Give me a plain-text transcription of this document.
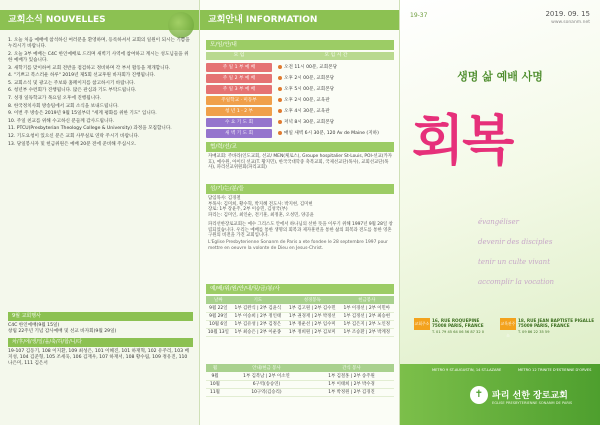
교회소식 NOUVELLES

1. 오늘 처음 예배에 참석하신 여러분을 환영하며, 등록하셔서 교회의 일원이 되시는 기쁨을 누리시기 바랍니다.

2. 오늘 3부 예배는 C4C 한인예배로 드리며 새벽기 사역에 참여하고 계시는 성도님들을 위한 예배가 있습니다.

3. 새학기를 맞이하여 교회 전반을 점검하고 정비하며 각 부서 활동을 재개합니다.

4. "기쁘고 복스러운 하루" 2019년 제5회 선교후원 바자회가 진행됩니다.

5. 교회소식 및 광고는 주보와 홈페이지를 참고하시기 바랍니다.

6. 청년부 수련회가 진행됩니다. 많은 관심과 기도 부탁드립니다.

7. 성경 일독학교가 목요일 오후에 진행됩니다.

8. 한국정치사회 방송팀에서 교회 소식을 보내드립니다.

9. 이번 주 방송은 2019년 9월 15일부터 "세계 평화를 위한 기도" 입니다.

10. 주일 친교를 위해 수고하신 분들께 감사드립니다.

11. PTCU(Presbyterian Theology College & University) 과정을 모집합니다.

12. 기도요청이 있으신 분은 교회 사무실로 연락 주시기 바랍니다.

13. 당일봉사자 및 헌금위원은 예배 20분 전에 준비해 주십시오.

9월 교회행사
C4C 한인예배(9월 15일)
창립 22주년 기념 감사예배 및 선교 바자회(9월 29일)
차/후/에/생/일/을/축/하/합/니/다
19-107 김동기, 108 이지환, 109 최성은, 101 이혜진, 101 하재혁, 102 유주리, 103 배지성, 104 김준형, 105 조세욱, 106 김재우, 107 하재서, 108 황수림, 109 정유진, 110 나은미, 111 김은서
교회안내 INFORMATION
모/임/안/내
모 임	모 임 시 간
주 일 1 부 예 배	오전 11시 00분, 교회본당
주 일 2 부 예 배	오후 2시 00분, 교회본당
주 일 3 부 예 배	오후 5시 00분, 교회본당
주일학교 · 미동부	오후 2시 00분, 교육관
청 년 1 · 2 부	오후 4시 30분, 교육관
수 요 기 도 회	저녁 8시 30분, 교회본당
새 벽 기 도 회	매일 새벽 6시 30분, 120 Av de Maine (지하)
협/력/선/교
자매교회: 주바라(인도교회, 선교/ MEN(체로스), Groupe hospitalier St-Louis, POI-선교(카자흐), 예수원, 아이티 선교(T. 황지민), 한국국대학중 축복교회, 국제선교단(목사), 교회선교단(목사), 파리선교위원회(파리교회)
섬/기/는/분/들
담임목사: 김경철
부목사: 김미희, 황수혁, 박지혜 전도사: 박지현, 김미현
장로: 1부 장윤주, 2부 이승민, 김성국(부)
파리는: 김미인, 최인순, 전기훈, 최정훈, 오성민, 양공윤
파리선한장로교회는 예수 그리스도 안에서 하나님의 선한 뜻을 이루기 위해 1997년 9월 28일 창립되었습니다. 우리는 예배를 통한 생명의 회복과 제자훈련을 통한 삶의 회복과 전도를 통한 영혼 구원의 비전을 가진 교회입니다.
L'Eglise Presbyterienne Sonanm de Paris a ete fondee le 28 septembre 1997 pour mettre en oeuvre la volonte de Dieu en Jesus-Christ.
예/배/위/원/안/내/및/금/봉/사
날짜	기도	성경봉독	헌금봉사
9월 22일	1부 김완식 | 2부 김윤식	1부 김고원 | 2부 김수민	1부 이경선 | 2부 이민아
9월 29일	1부 이승희 | 2부 정인태	1부 권경재 | 2부 박정선	1부 김정선 | 2부 최승현
10월 6일	1부 김유성 | 2부 김정은	1부 정운선 | 2부 임수미	1부 김은지 | 2부 노인정
10월 13일	1부 최승은 | 2부 이운종	1부 정희원 | 2부 김보미	1부 조승환 | 2부 박계정
월	안내/현금 봉사	간식 봉사
9월	1부 김복남 | 2부 이소연	1부 김철홍 | 2부 송주원
10월	6구역(송승연)	1부 이태희 | 2부 박수경
11월	10구역(김승리)	1부 박정원 | 2부 김경진
19-37	2019. 09. 15
www.sonanm.net
생명 삶 예배 사명
회복
évangéliser
devenir des disciples
tenir un culte vivant
accomplir la vocation
교회주소
16, RUE ROQUEPINE
75008 PARIS, FRANCE
T. 01 79 45 64 06 56 87 32 0
교육관주소
18, RUE JEAN BAPTISTE PIGALLE
75009 PARIS, FRANCE
T. 09 86 22 35 59
METRO 9 ST-AUGUSTIN, 14 ST-LAZARE	METRO 12 TRINITE D'ESTIENNE D'ORVES
✝ 파리 선한 장로교회
EGLISE PRESBYTERIENNE SONANM DE PARIS
